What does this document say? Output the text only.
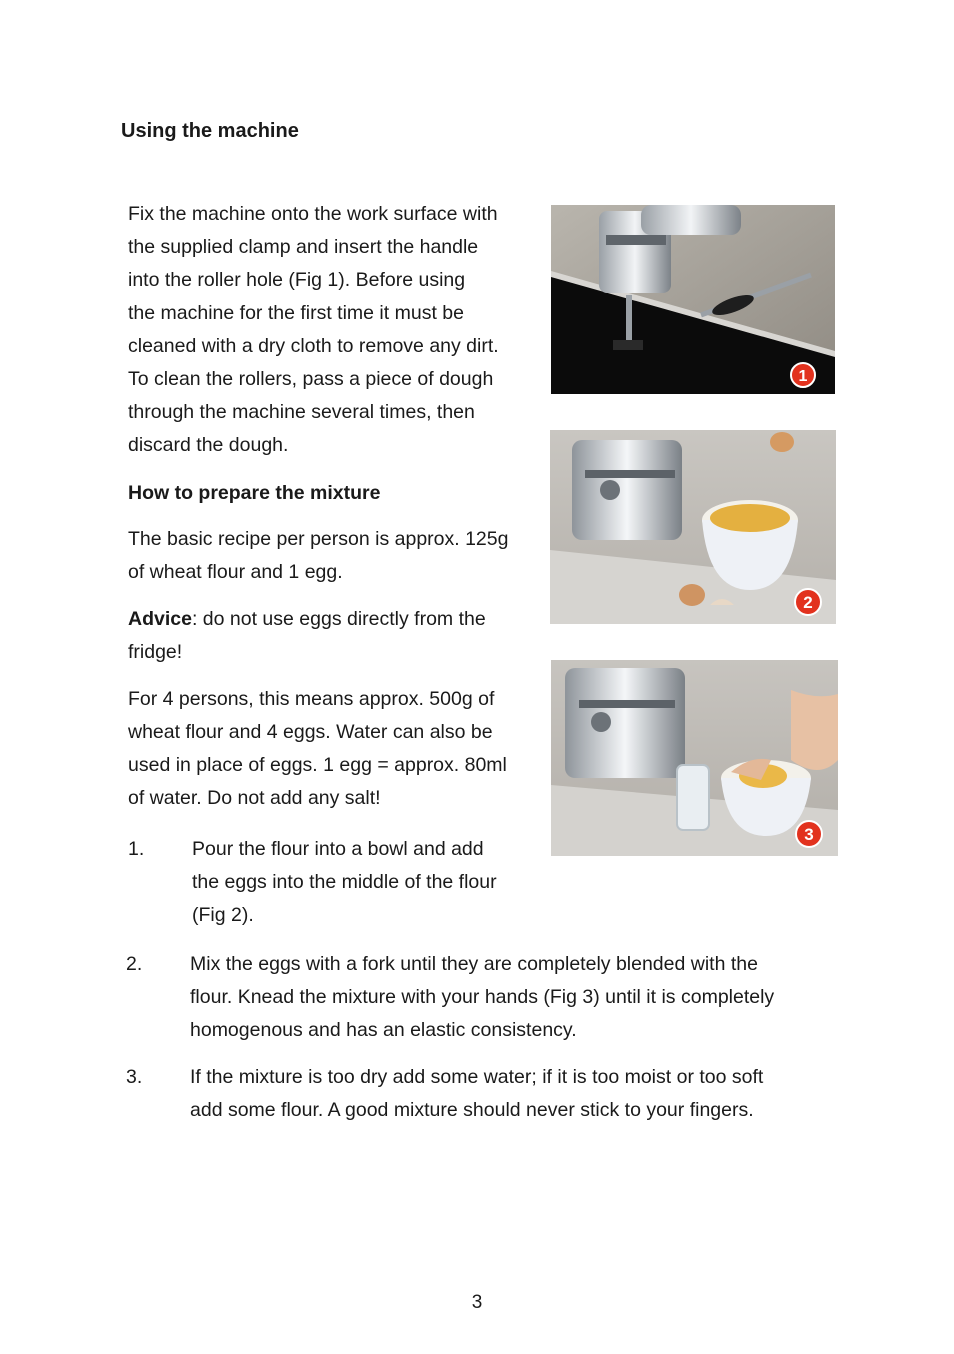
Using the machine
Fix the machine onto the work surface with
the supplied clamp and insert the handle
into the roller hole (Fig 1). Before using
the machine for the first time it must be
cleaned with a dry cloth to remove any dirt.
To clean the rollers, pass a piece of dough
through the machine several times, then
discard the dough.
How to prepare the mixture
The basic recipe per person is approx. 125g
of wheat flour and 1 egg.
Advice: do not use eggs directly from the
fridge!
For 4 persons, this means approx. 500g of
wheat flour and 4 eggs. Water can also be
used in place of eggs. 1 egg = approx. 80ml
of water. Do not add any salt!
1. Pour the flour into a bowl and add
the eggs into the middle of the flour
(Fig 2).
2. Mix the eggs with a fork until they are completely blended with the
flour. Knead the mixture with your hands (Fig 3) until it is completely
homogenous and has an elastic consistency.
3. If the mixture is too dry add some water; if it is too moist or too soft
add some flour. A good mixture should never stick to your fingers.
1
2
3
3
